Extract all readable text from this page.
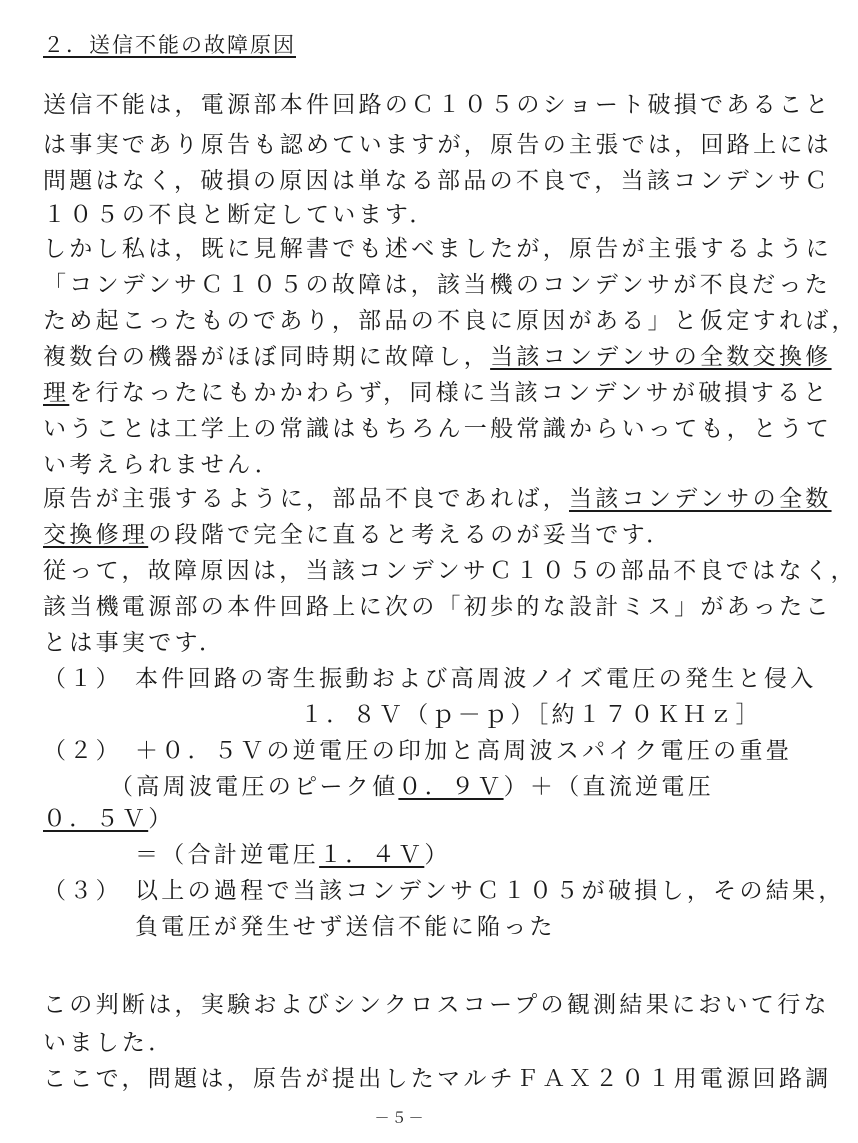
２．送信不能の故障原因
送信不能は，電源部本件回路のＣ１０５のショート破損であること
は事実であり原告も認めていますが，原告の主張では，回路上には
問題はなく，破損の原因は単なる部品の不良で，当該コンデンサＣ
１０５の不良と断定しています．
しかし私は，既に見解書でも述べましたが，原告が主張するように
「コンデンサＣ１０５の故障は，該当機のコンデンサが不良だった
ため起こったものであり，部品の不良に原因がある」と仮定すれば，
複数台の機器がほぼ同時期に故障し，当該コンデンサの全数交換修
理を行なったにもかかわらず，同様に当該コンデンサが破損すると
いうことは工学上の常識はもちろん一般常識からいっても，とうて
い考えられません．
原告が主張するように，部品不良であれば，当該コンデンサの全数
交換修理の段階で完全に直ると考えるのが妥当です．
従って，故障原因は，当該コンデンサＣ１０５の部品不良ではなく，
該当機電源部の本件回路上に次の「初歩的な設計ミス」があったこ
とは事実です．
（１） 本件回路の寄生振動および高周波ノイズ電圧の発生と侵入
１．８Ｖ（ｐ－ｐ）［約１７０ＫＨｚ］
（２） ＋０．５Ｖの逆電圧の印加と高周波スパイク電圧の重畳
（高周波電圧のピーク値０．９Ｖ）＋（直流逆電圧
０．５Ｖ）
＝（合計逆電圧１．４Ｖ）
（３） 以上の過程で当該コンデンサＣ１０５が破損し，その結果，
負電圧が発生せず送信不能に陥った
この判断は，実験およびシンクロスコープの観測結果において行な
いました．
ここで，問題は，原告が提出したマルチＦＡＸ２０１用電源回路調
－５－
